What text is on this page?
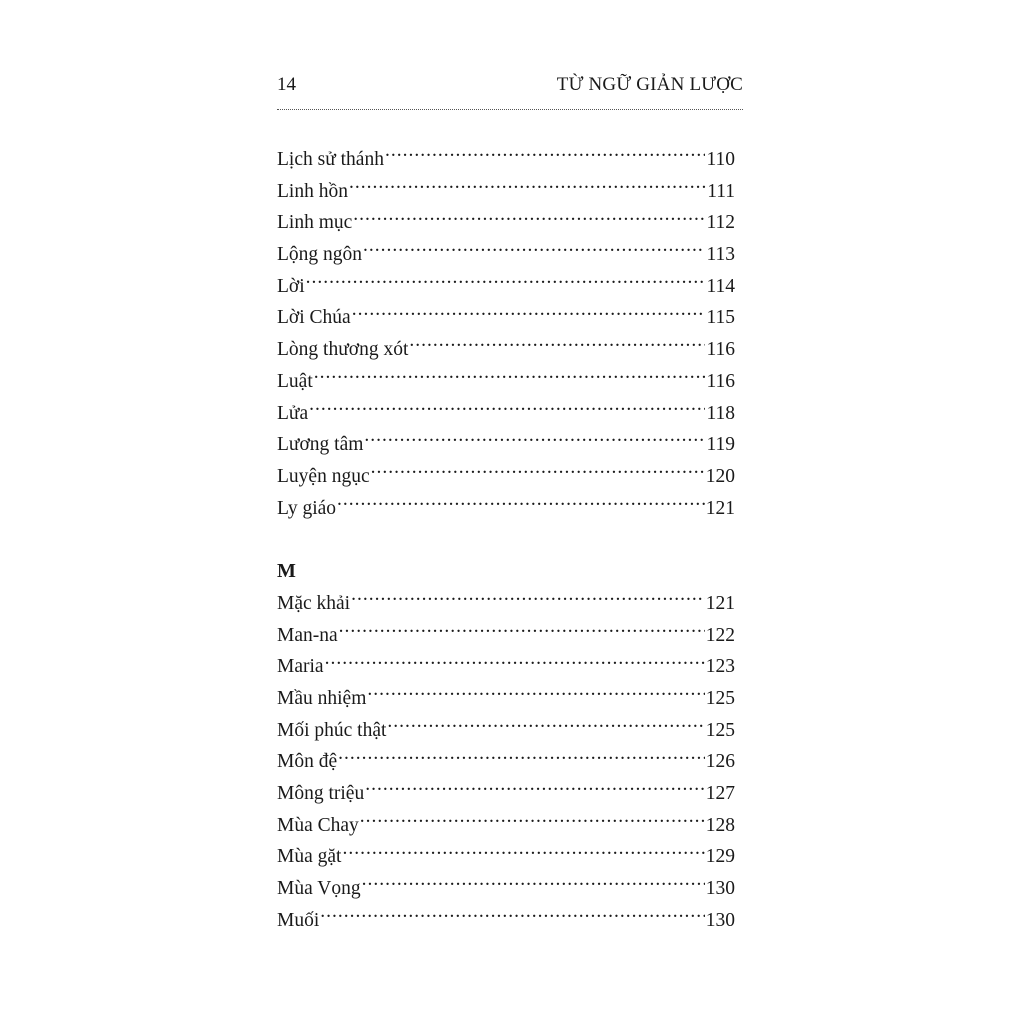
14	TỪ NGỮ GIẢN LƯỢC
Lịch sử thánh .....	110
Linh hồn .....	111
Linh mục .....	112
Lộng ngôn .....	113
Lời .....	114
Lời Chúa .....	115
Lòng thương xót .....	116
Luật .....	116
Lửa .....	118
Lương tâm .....	119
Luyện ngục .....	120
Ly giáo .....	121
M
Mặc khải .....	121
Man-na .....	122
Maria .....	123
Mầu nhiệm .....	125
Mối phúc thật .....	125
Môn đệ .....	126
Mông triệu .....	127
Mùa Chay .....	128
Mùa gặt .....	129
Mùa Vọng .....	130
Muối .....	130
